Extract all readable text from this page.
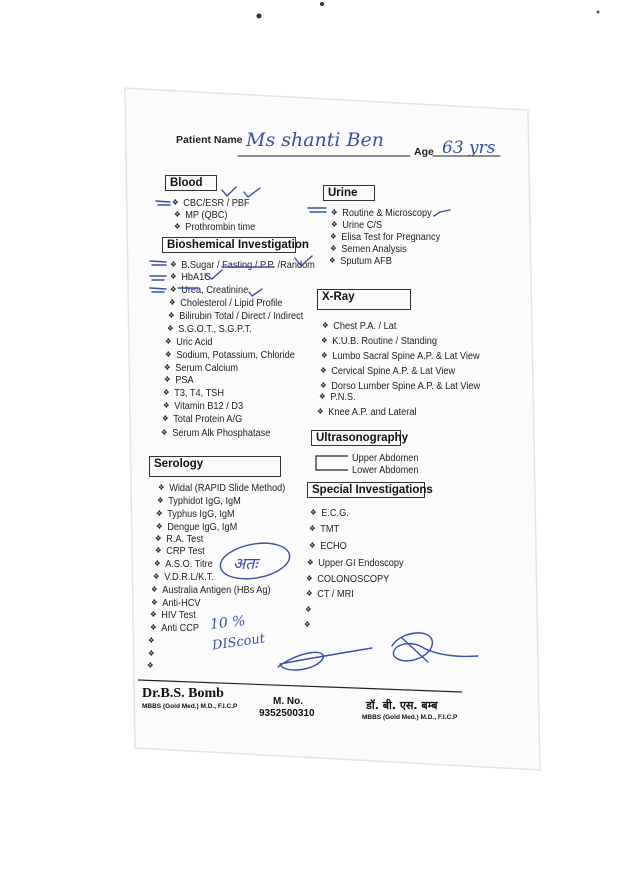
Patient Name Ms shanti Ben
Age 63 yrs
Blood
❖ CBC/ESR / PBF
❖ MP (QBC)
❖ Prothrombin time
Bioshemical Investigation
❖ B.Sugar / Fasting / P.P. /Random
❖ HbA1C
❖ Urea, Creatinine
❖ Cholesterol / Lipid Profile
❖ Bilirubin Total / Direct / Indirect
❖ S.G.O.T., S.G.P.T.
❖ Uric Acid
❖ Sodium, Potassium, Chloride
❖ Serum Calcium
❖ PSA
❖ T3, T4, TSH
❖ Vitamin B12 / D3
❖ Total Protein A/G
❖ Serum Alk Phosphatase
Urine
❖ Routine & Microscopy
❖ Urine C/S
❖ Elisa Test for Pregnancy
❖ Semen Analysis
❖ Sputum AFB
X-Ray
❖ Chest P.A. / Lat
❖ K.U.B. Routine / Standing
❖ Lumbo Sacral Spine A.P. & Lat View
❖ Cervical Spine A.P. & Lat View
❖ Dorso Lumber Spine A.P. & Lat View
❖ P.N.S.
❖ Knee A.P. and Lateral
Ultrasonography
Upper Abdomen
Lower Abdomen
Serology
❖ Widal (RAPID Slide Method)
❖ Typhidot IgG, IgM
❖ Typhus IgG, IgM
❖ Dengue IgG, IgM
❖ R.A. Test
❖ CRP Test
❖ A.S.O. Titre
❖ V.D.R.L/K.T.
❖ Australia Antigen (HBs Ag)
❖ Anti-HCV
❖ HIV Test
❖ Anti CCP
❖
❖
❖
Special Investigations
❖ E.C.G.
❖ TMT
❖ ECHO
❖ Upper GI Endoscopy
❖ COLONOSCOPY
❖ CT / MRI
❖
❖
अतः
10 %
DIScout
Dr.B.S. Bomb
MBBS (Gold Med.) M.D., F.I.C.P	M. No.
9352500310
डॉ. बी. एस. बम्ब
MBBS (Gold Med.) M.D., F.I.C.P
